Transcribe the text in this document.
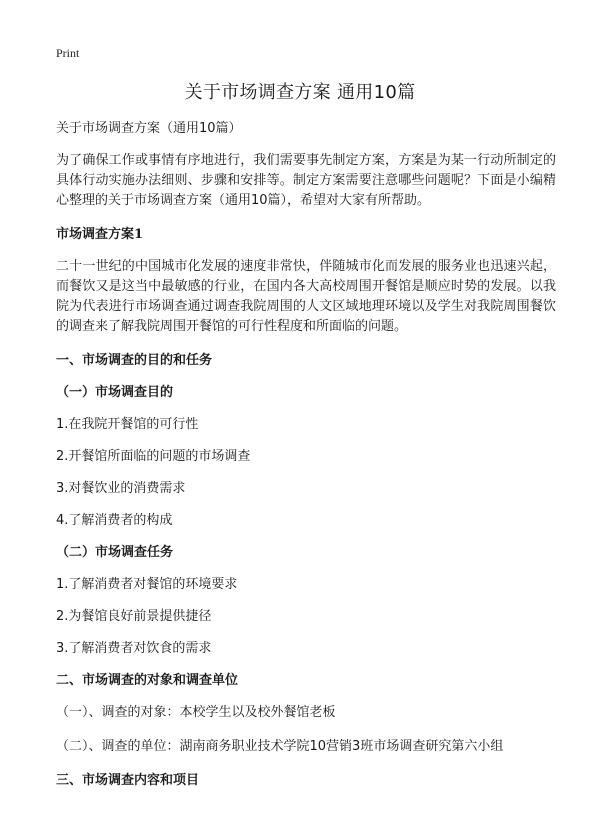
Print
关于市场调查方案 通用10篇

关于市场调查方案（通用10篇）

为了确保工作或事情有序地进行，我们需要事先制定方案，方案是为某一行动所制定的具体行动实施办法细则、步骤和安排等。制定方案需要注意哪些问题呢？下面是小编精心整理的关于市场调查方案（通用10篇），希望对大家有所帮助。

市场调查方案1

二十一世纪的中国城市化发展的速度非常快，伴随城市化而发展的服务业也迅速兴起，而餐饮又是这当中最敏感的行业，在国内各大高校周围开餐馆是顺应时势的发展。以我院为代表进行市场调查通过调查我院周围的人文区域地理环境以及学生对我院周围餐饮的调查来了解我院周围开餐馆的可行性程度和所面临的问题。

一、市场调查的目的和任务

（一）市场调查目的

1.在我院开餐馆的可行性

2.开餐馆所面临的问题的市场调查

3.对餐饮业的消费需求

4.了解消费者的构成

（二）市场调查任务

1.了解消费者对餐馆的环境要求

2.为餐馆良好前景提供捷径

3.了解消费者对饮食的需求

二、市场调查的对象和调查单位

（一）、调查的对象：本校学生以及校外餐馆老板

（二）、调查的单位：湖南商务职业技术学院10营销3班市场调查研究第六小组

三、市场调查内容和项目
